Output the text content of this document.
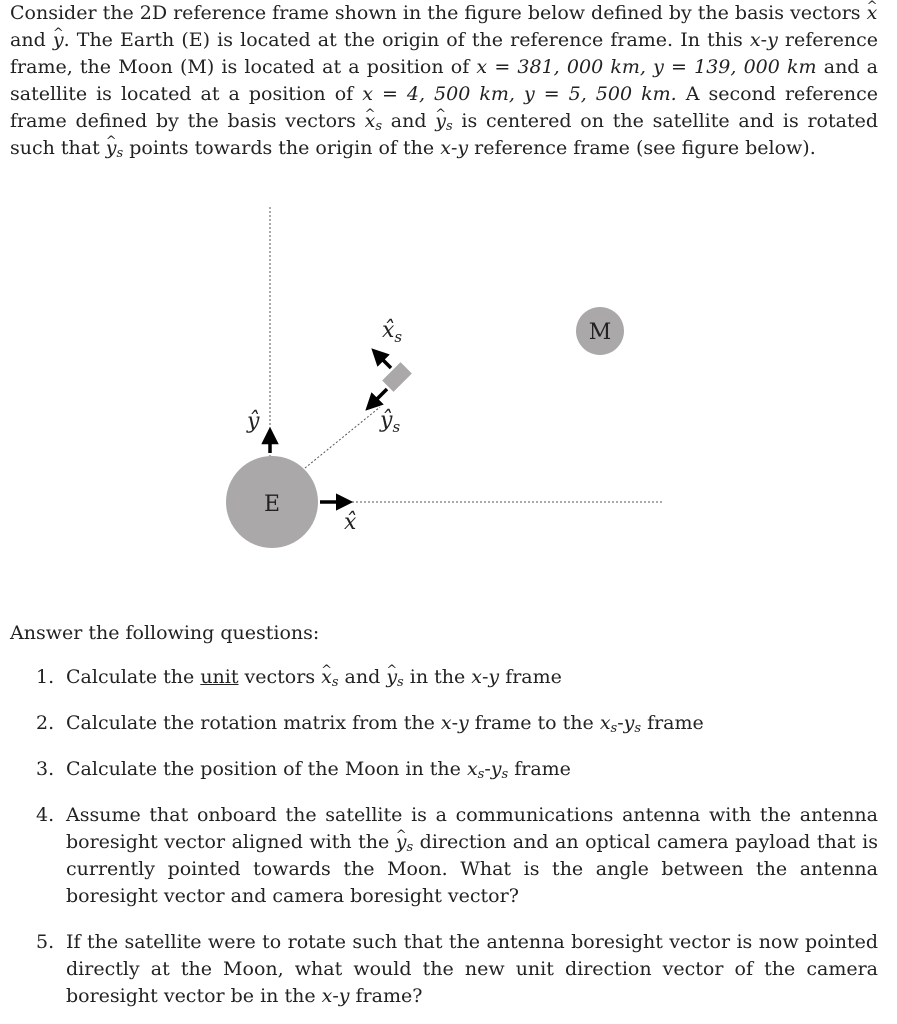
Consider the 2D reference frame shown in the figure below defined by the basis vectors ^ x
and ^ y. The Earth (E) is located at the origin of the reference frame. In this x-y reference frame, the Moon (M) is located at a position of x = 381, 000 km, y = 139, 000 km and a satellite is located at a position of x = 4, 500 km, y = 5, 500 km. A second reference frame defined by the basis vectors ^ $x_s$ and ^ $y_s$ is centered on the satellite and is rotated such that ^ $y_s$ points towards the origin of the x-y reference frame (see figure below).

E
M
ŷ
x̂
$x̂_s$
$ŷ_s$
Answer the following questions:
1. Calculate the unit vectors ^ $x_s$ and ^ $y_s$ in the x-y frame
2. Calculate the rotation matrix from the x-y frame to the $x_s-y_s$ frame
3. Calculate the position of the Moon in the $x_s-y_s$ frame
4. Assume that onboard the satellite is a communications antenna with the antenna boresight vector aligned with the ^ $y_s$ direction and an optical camera payload that is currently pointed towards the Moon. What is the angle between the antenna boresight vector and camera boresight vector?
5. If the satellite were to rotate such that the antenna boresight vector is now pointed directly at the Moon, what would the new unit direction vector of the camera boresight vector be in the x-y frame?
